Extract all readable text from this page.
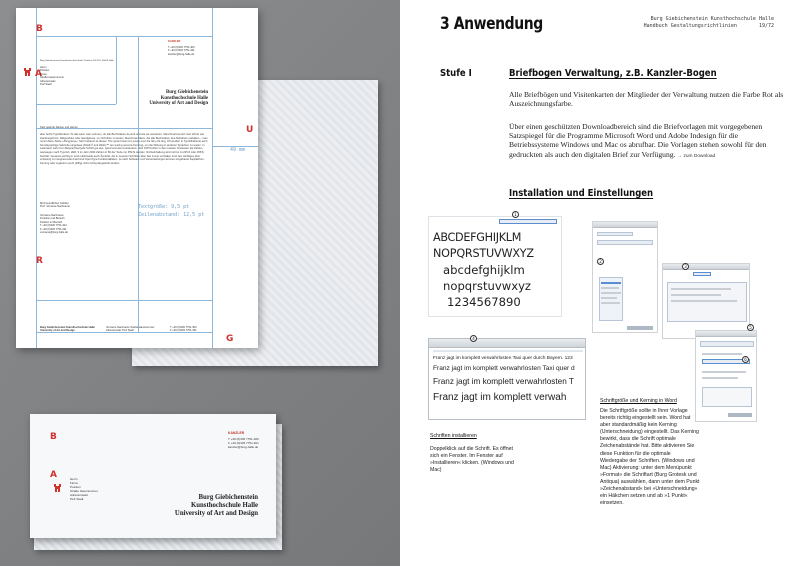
B
A
U
R
G
KANZLER
T +49 (0)345 7751-400
F +49 (0)345 7751-401
kanzler@burg-halle.de
Burg Giebichenstein Kunsthochschule Halle, Postfach 200 252, 06003 Halle
Herrn
Position
Firma
Straße Hausnummer
Adresszusatz
PLZ Stadt
Burg Giebichenstein
Kunsthochschule Halle
University of Art and Design
Sehr geehrte Damen und Herren,
aber leicht Typoblindtext: ihr das kann man nehmen, ob alle Buchstaben da sind und wie sie aussehen. Manchmal benutzt man Worte wie Hamburgefonts, Rafgenduks oder Handgloves, um Schriften zu testen. Manchmal Sätze, die alle Buchstaben des Alphabets enthalten – man nennt diese Sätze »Pangrams«. Sehr bekannt ist dieser: The quick brown fox jumps over the lazy old dog. Oft werden in Typoblindtexte auch fremdsprachige Satzteile eingebaut (AVAIL® and Wefox™ are testing aussi la Kerning), um die Wirkung in anderen Sprachen zu testen. In Lateinisch sieht zum Beispiel fast jede Schrift gut aus. Quod erat demonstrandum. Seit 1975 fehlen in den meisten Testtexten die Zahlen, weswegen nach TypoGb. 2ER, 9 im Jahr 2034 Zahlen in 86 der Texte zur Pflicht werden. Nichteinhaltung wird mit bis zu 245 € oder 368 $ bestraft. Genauso wichtig in sind mittlerweile auch Âçcèñtë, die in neueren Schriften aber fast immer enthalten sind. Ein wichtiges aber schwierig zu integrierendes Feld sind OpenType-Funktionalitäten. Je nach Software und Voreinstellungen können eingebaute Kapitälchen, Kerning oder Ligaturen (sehr pfiffig) nicht richtig dargestellt werden.
Mit Freundlichen Grüßen,
Prof. Vorname Nachname
Vorname Nachname
Funktion und Bereich
Position im Bereich
T +49 (0)345 7751-324
F +49 (0)345 7751-321
vorname@burg-halle.de
Textgröße: 9,5 pt
Zeilenabstand: 12,5 pt
49 mm
Burg Giebichenstein Kunsthochschule Halle
University of Art and Design
Vorname Nachname Straße Hausnummer
Adresszusatz PLZ Stadt
T +49 (0)345 7751-400
F +49 (0)345 7751-401
B
A
KANZLER
T +49 (0)345 7751-400
F +49 (0)345 7751-401
kanzler@burg-halle.de
Herrn
Firma
Position
Straße Hausnummer
Adresszusatz
PLZ Stadt	Burg Giebichenstein
Kunsthochschule Halle
University of Art and Design
3 Anwendung	Burg Giebichenstein Kunsthochschule Halle
Handbuch Gestaltungsrichtlinien	19/72
Stufe I	Briefbogen Verwaltung, z.B. Kanzler-Bogen
Alle Briefbögen und Visitenkarten der Mitglieder der Verwaltung nutzen die Farbe Rot als Auszeichnungsfarbe.
Über einen geschützten Downloadbereich sind die Briefvorlagen mit vorgegebenen Satzspiegel für die Programme Microsoft Word und Adobe Indesign für die Betriebssysteme Windows und Mac os abrufbar. Die Vorlagen stehen sowohl für den gedruckten als auch den digitalen Brief zur Verfügung. → zum Download
Installation und Einstellungen
ABCDEFGHIJKLM
NOPQRSTUVWXYZ
abcdefghijklm
nopqrstuvwxyz
1234567890
1
Franz jagt im komplett verwahrlosten Taxi quer durch Bayern. 123
Franz jagt im komplett verwahrlosten Taxi quer d
Franz jagt im komplett verwahrlosten T
Franz jagt im komplett verwah
4
2
3
5
6
Schriften installieren
Doppelklick auf die Schrift. Es öffnet sich ein Fenster. Im Fenster auf »Installieren« klicken. (Windows und Mac)
Schriftgröße und Kerning in Word
Die Schriftgröße sollte in Ihrer Vorlage bereits richtig eingestellt sein. Word hat aber standardmäßig kein Kerning (Unterschneidung) eingestellt. Das Kerning bewirkt, dass die Schrift optimale Zeichenabstände hat. Bitte aktivieren Sie diese Funktion für die optimale Wiedergabe der Schriften. (Windows und Mac) Aktivierung: unter dem Menüpunkt »Format« die Schriftart (Burg Grotesk und Antiqua) auswählen, dann unter dem Punkt »Zeichenabstand« bei »Unterschneidung« ein Häkchen setzen und ab »1 Punkt« einsetzen.
